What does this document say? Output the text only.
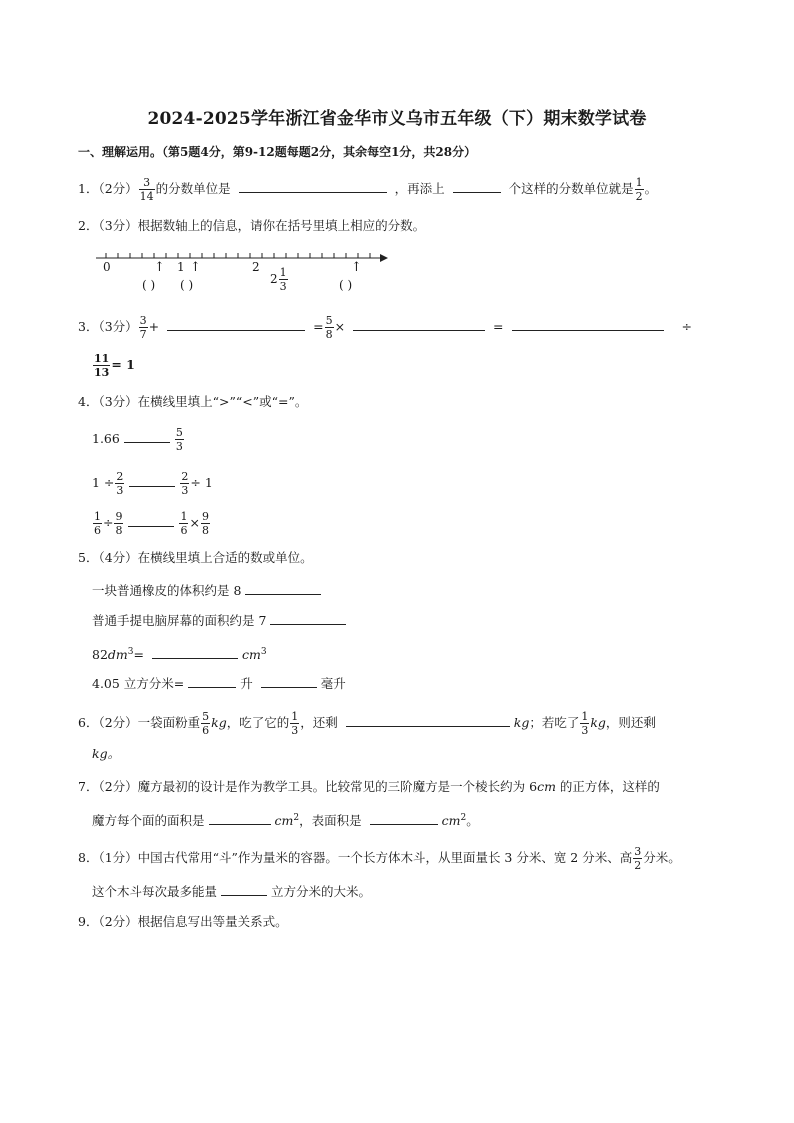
2024-2025学年浙江省金华市义乌市五年级（下）期末数学试卷
一、理解运用。（第5题4分，第9-12题每题2分，其余每空1分，共28分）
1．（2分） $\frac{3}{14}$ 的分数单位是	，再添上	个这样的分数单位就是 $\frac{1}{2}$ 。
2．（3分）根据数轴上的信息，请你在括号里填上相应的分数。
0	1	2
$2 \frac{1}{3}$
↑ ↑	↑
( ) ( )	( )
3．（3分） $\frac{3}{7}$ +	= $\frac{5}{8}$ ×	=	÷
$\frac{11}{13} = 1$
4．（3分）在横线里填上“>”“<”或“=”。
1.66	$\frac{5}{3}$
$1 \div \frac{2}{3}$	$\frac{2}{3} \div 1$
$\frac{1}{6} \div \frac{9}{8}$	$\frac{1}{6} \times \frac{9}{8}$
5．（4分）在横线里填上合适的数或单位。
一块普通橡皮的体积约是 8
普通手提电脑屏幕的面积约是 7
$82dm^3=$	$cm^3$
4.05 立方分米=	升	毫升
6．（2分）一袋面粉重 $\frac{5}{6}$ kg，吃了它的 $\frac{1}{3}$ ，还剩	kg；若吃了 $\frac{1}{3}$ kg，则还剩
kg。
7．（2分）魔方最初的设计是作为教学工具。比较常见的三阶魔方是一个棱长约为 6cm 的正方体，这样的
魔方每个面的面积是	$cm^2$，表面积是	$cm^2$。
8．（1分）中国古代常用“斗”作为量米的容器。一个长方体木斗，从里面量长 3 分米、宽 2 分米、高 $\frac{3}{2}$ 分米。
这个木斗每次最多能量	立方分米的大米。
9．（2分）根据信息写出等量关系式。
